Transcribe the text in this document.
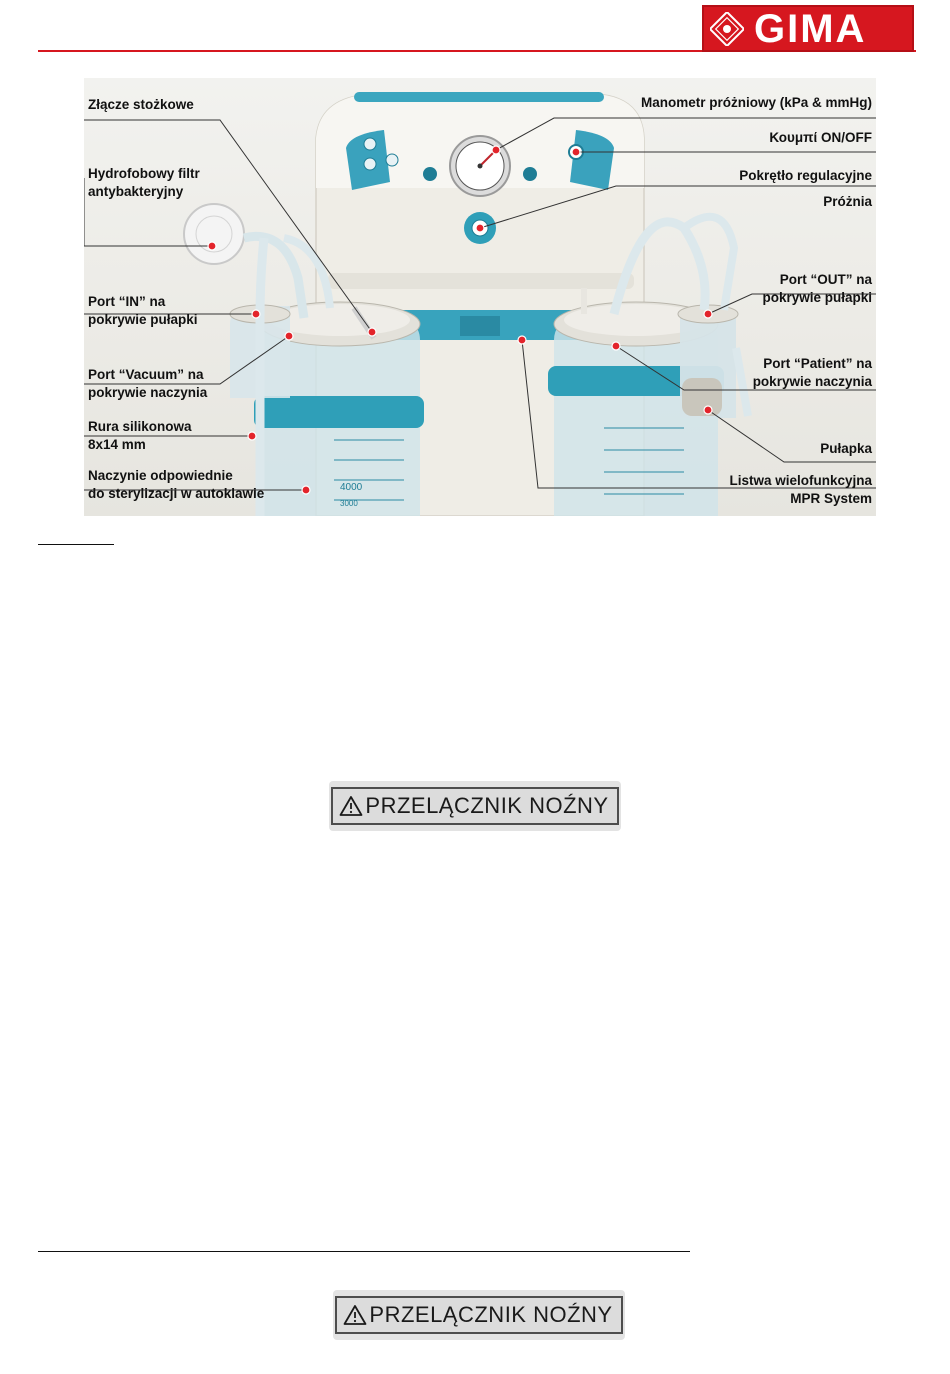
GIMA
4000
3000
Złącze stożkowe
Hydrofobowy filtr
antybakteryjny
Port “IN” na
pokrywie pułapki
Port “Vacuum” na
pokrywie naczynia
Rura silikonowa
8x14 mm
Naczynie odpowiednie
do sterylizacji w autoklawie
Manometr próżniowy (kPa & mmHg)
Κουμπί ON/OFF
Pokrętło regulacyjne
Próżnia
Port “OUT” na
pokrywie pułapki
Port “Patient” na
pokrywie naczynia
Pułapka
Listwa wielofunkcyjna
MPR System
PRZELĄCZNIK NOŹNY
PRZELĄCZNIK NOŹNY
